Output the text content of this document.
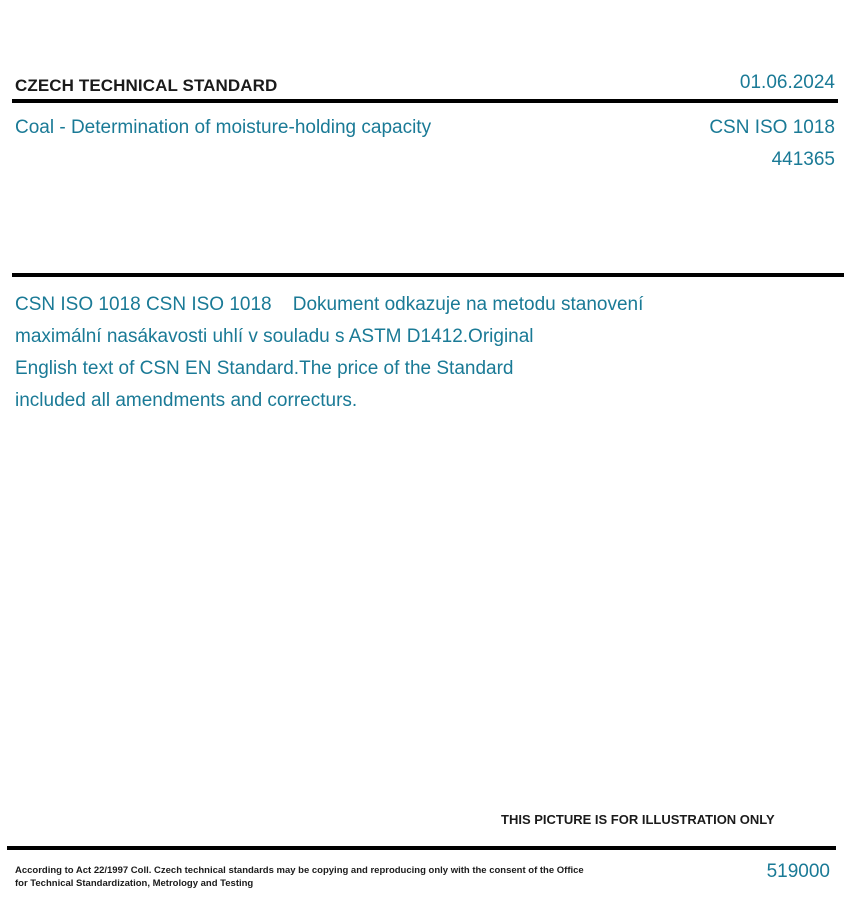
CZECH TECHNICAL STANDARD	01.06.2024
Coal - Determination of moisture-holding capacity	CSN ISO 1018
441365
CSN ISO 1018 CSN ISO 1018    Dokument odkazuje na metodu stanovení
maximální nasákavosti uhlí v souladu s ASTM D1412.Original
English text of CSN EN Standard.The price of the Standard
included all amendments and correcturs.
THIS PICTURE IS FOR ILLUSTRATION ONLY
According to Act 22/1997 Coll. Czech technical standards may be copying and reproducing only with the consent of the Office
for Technical Standardization, Metrology and Testing
519000
